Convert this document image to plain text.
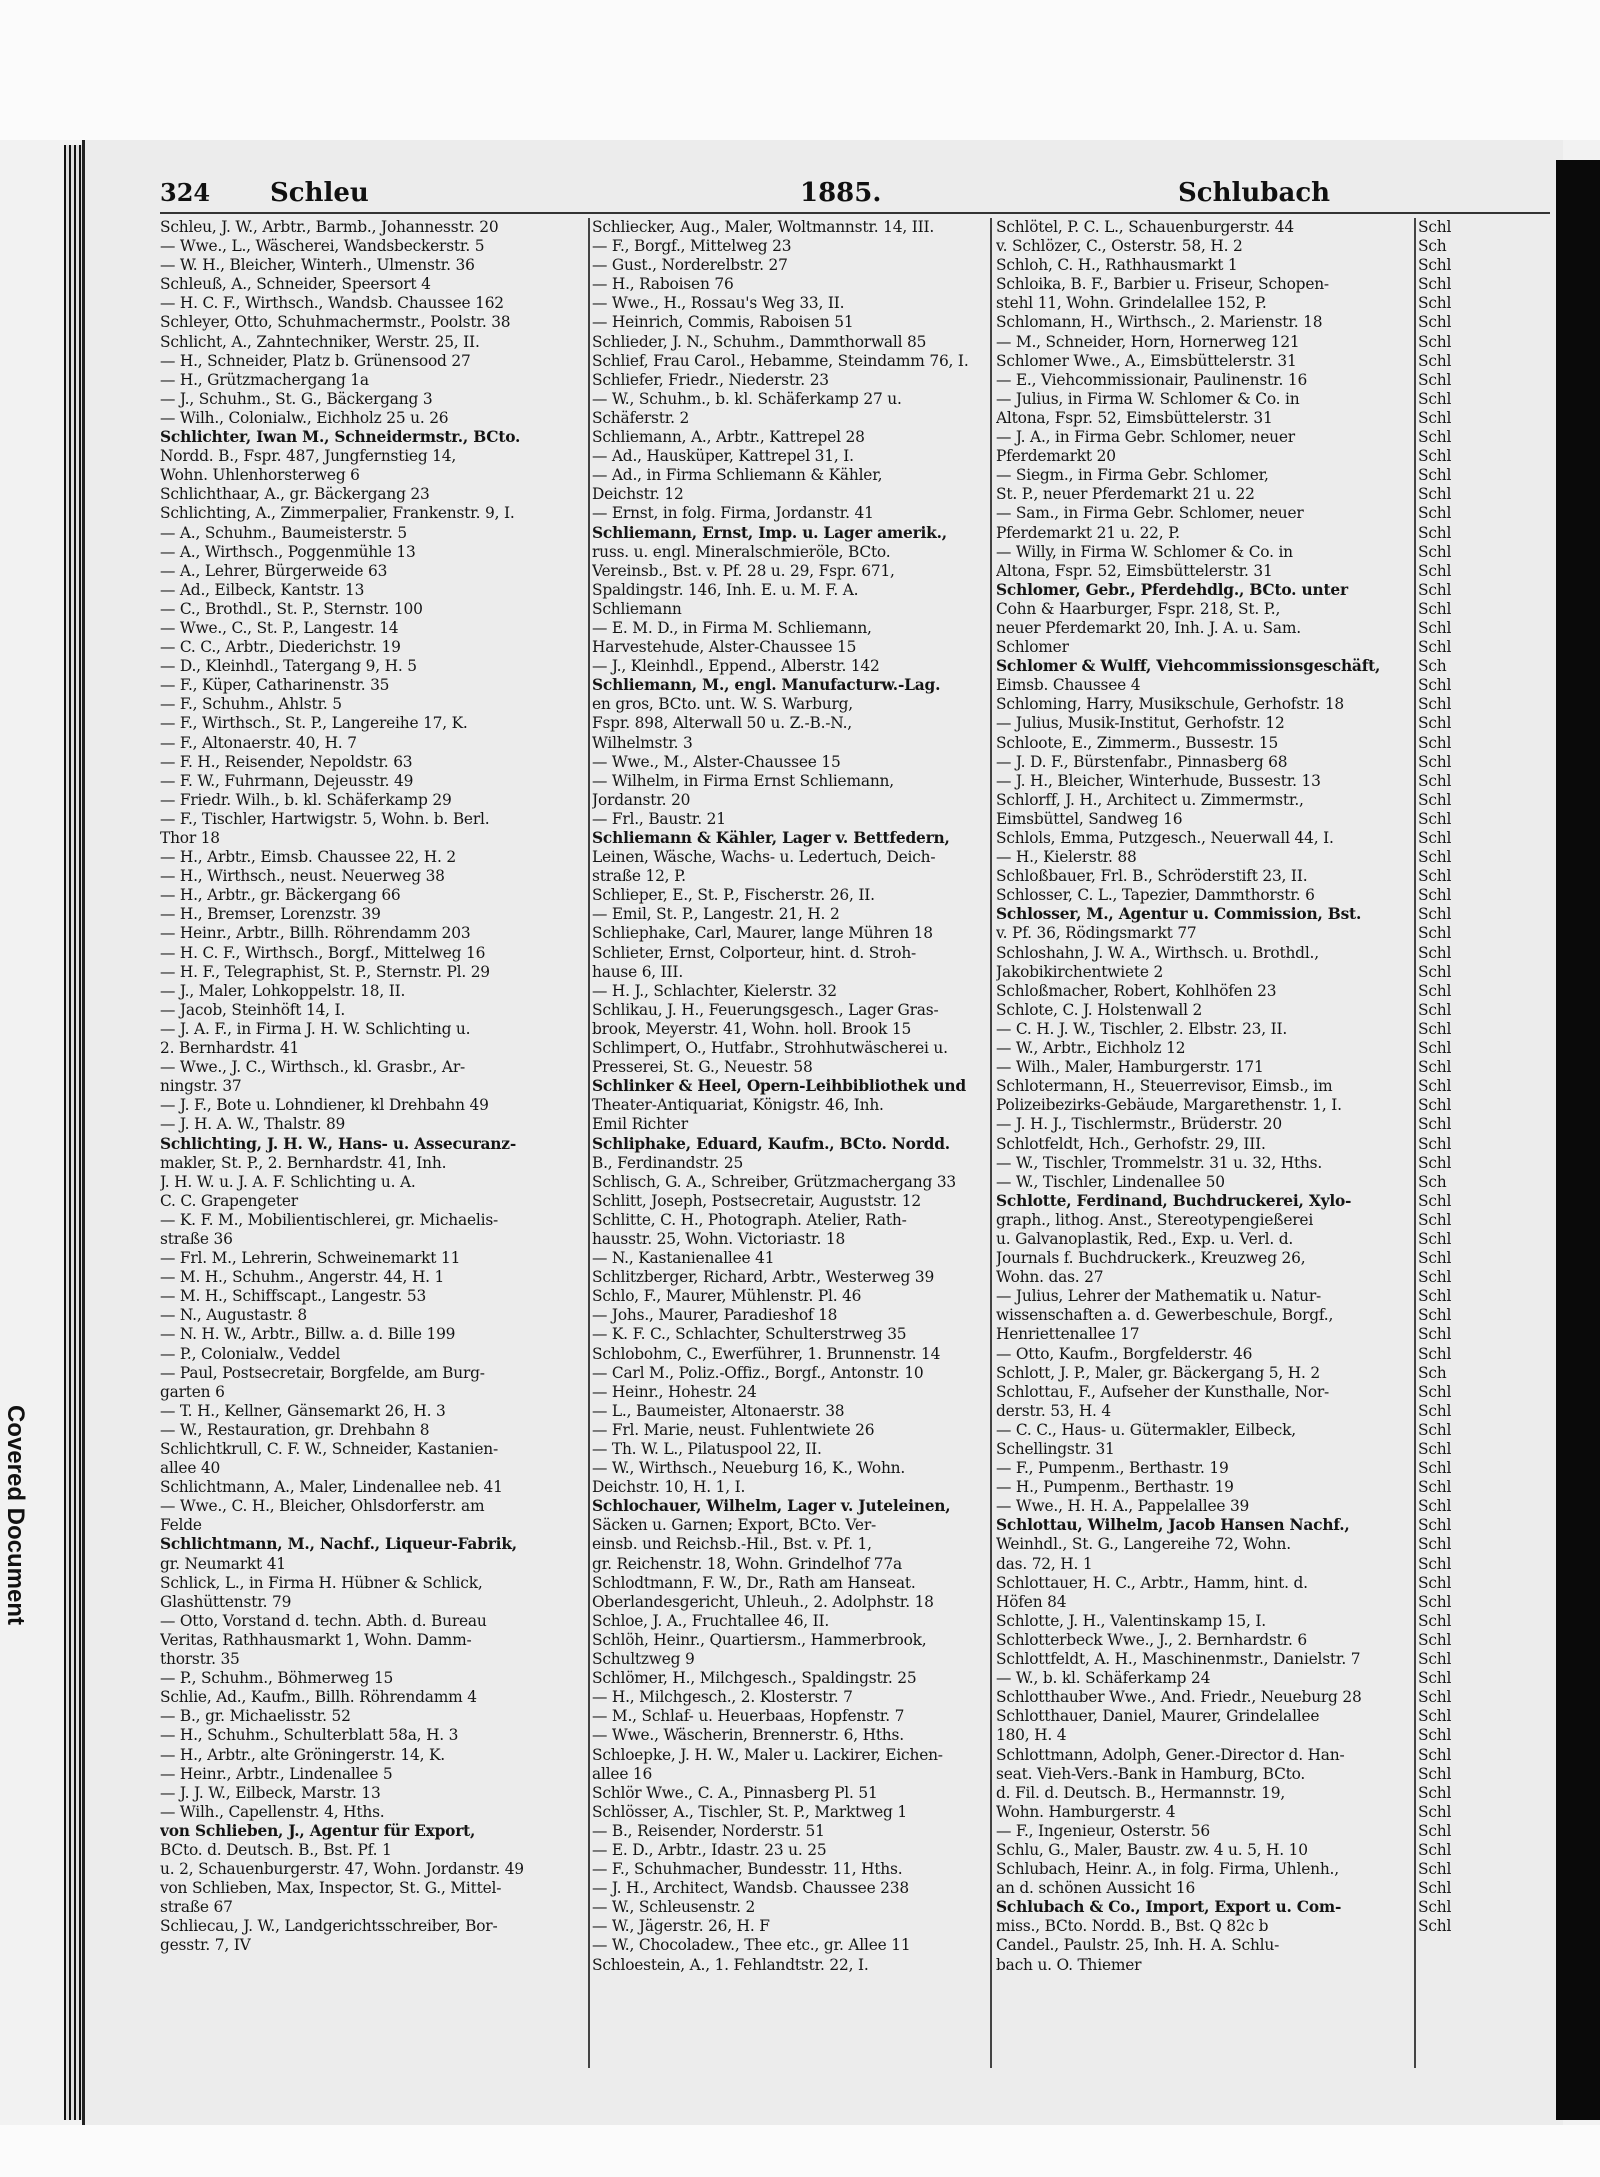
Covered Document
324 Schleu	1885.	Schlubach
Schleu, J. W., Arbtr., Barmb., Johannesstr. 20
— Wwe., L., Wäscherei, Wandsbeckerstr. 5
— W. H., Bleicher, Winterh., Ulmenstr. 36
Schleuß, A., Schneider, Speersort 4
— H. C. F., Wirthsch., Wandsb. Chaussee 162
Schleyer, Otto, Schuhmachermstr., Poolstr. 38
Schlicht, A., Zahntechniker, Werstr. 25, II.
— H., Schneider, Platz b. Grünensood 27
— H., Grützmachergang 1a
— J., Schuhm., St. G., Bäckergang 3
— Wilh., Colonialw., Eichholz 25 u. 26
Schlichter, Iwan M., Schneidermstr., BCto.
Nordd. B., Fspr. 487, Jungfernstieg 14,
Wohn. Uhlenhorsterweg 6
Schlichthaar, A., gr. Bäckergang 23
Schlichting, A., Zimmerpalier, Frankenstr. 9, I.
— A., Schuhm., Baumeisterstr. 5
— A., Wirthsch., Poggenmühle 13
— A., Lehrer, Bürgerweide 63
— Ad., Eilbeck, Kantstr. 13
— C., Brothdl., St. P., Sternstr. 100
— Wwe., C., St. P., Langestr. 14
— C. C., Arbtr., Diederichstr. 19
— D., Kleinhdl., Tatergang 9, H. 5
— F., Küper, Catharinenstr. 35
— F., Schuhm., Ahlstr. 5
— F., Wirthsch., St. P., Langereihe 17, K.
— F., Altonaerstr. 40, H. 7
— F. H., Reisender, Nepoldstr. 63
— F. W., Fuhrmann, Dejeusstr. 49
— Friedr. Wilh., b. kl. Schäferkamp 29
— F., Tischler, Hartwigstr. 5, Wohn. b. Berl.
Thor 18
— H., Arbtr., Eimsb. Chaussee 22, H. 2
— H., Wirthsch., neust. Neuerweg 38
— H., Arbtr., gr. Bäckergang 66
— H., Bremser, Lorenzstr. 39
— Heinr., Arbtr., Billh. Röhrendamm 203
— H. C. F., Wirthsch., Borgf., Mittelweg 16
— H. F., Telegraphist, St. P., Sternstr. Pl. 29
— J., Maler, Lohkoppelstr. 18, II.
— Jacob, Steinhöft 14, I.
— J. A. F., in Firma J. H. W. Schlichting u.
2. Bernhardstr. 41
— Wwe., J. C., Wirthsch., kl. Grasbr., Ar-
ningstr. 37
— J. F., Bote u. Lohndiener, kl Drehbahn 49
— J. H. A. W., Thalstr. 89
Schlichting, J. H. W., Hans- u. Assecuranz-
makler, St. P., 2. Bernhardstr. 41, Inh.
J. H. W. u. J. A. F. Schlichting u. A.
C. C. Grapengeter
— K. F. M., Mobilientischlerei, gr. Michaelis-
straße 36
— Frl. M., Lehrerin, Schweinemarkt 11
— M. H., Schuhm., Angerstr. 44, H. 1
— M. H., Schiffscapt., Langestr. 53
— N., Augustastr. 8
— N. H. W., Arbtr., Billw. a. d. Bille 199
— P., Colonialw., Veddel
— Paul, Postsecretair, Borgfelde, am Burg-
garten 6
— T. H., Kellner, Gänsemarkt 26, H. 3
— W., Restauration, gr. Drehbahn 8
Schlichtkrull, C. F. W., Schneider, Kastanien-
allee 40
Schlichtmann, A., Maler, Lindenallee neb. 41
— Wwe., C. H., Bleicher, Ohlsdorferstr. am
Felde
Schlichtmann, M., Nachf., Liqueur-Fabrik,
gr. Neumarkt 41
Schlick, L., in Firma H. Hübner & Schlick,
Glashüttenstr. 79
— Otto, Vorstand d. techn. Abth. d. Bureau
Veritas, Rathhausmarkt 1, Wohn. Damm-
thorstr. 35
— P., Schuhm., Böhmerweg 15
Schlie, Ad., Kaufm., Billh. Röhrendamm 4
— B., gr. Michaelisstr. 52
— H., Schuhm., Schulterblatt 58a, H. 3
— H., Arbtr., alte Gröningerstr. 14, K.
— Heinr., Arbtr., Lindenallee 5
— J. J. W., Eilbeck, Marstr. 13
— Wilh., Capellenstr. 4, Hths.
von Schlieben, J., Agentur für Export,
BCto. d. Deutsch. B., Bst. Pf. 1
u. 2, Schauenburgerstr. 47, Wohn. Jordanstr. 49
von Schlieben, Max, Inspector, St. G., Mittel-
straße 67
Schliecau, J. W., Landgerichtsschreiber, Bor-
gesstr. 7, IV
Schliecker, Aug., Maler, Woltmannstr. 14, III.
— F., Borgf., Mittelweg 23
— Gust., Norderelbstr. 27
— H., Raboisen 76
— Wwe., H., Rossau's Weg 33, II.
— Heinrich, Commis, Raboisen 51
Schlieder, J. N., Schuhm., Dammthorwall 85
Schlief, Frau Carol., Hebamme, Steindamm 76, I.
Schliefer, Friedr., Niederstr. 23
— W., Schuhm., b. kl. Schäferkamp 27 u.
Schäferstr. 2
Schliemann, A., Arbtr., Kattrepel 28
— Ad., Hausküper, Kattrepel 31, I.
— Ad., in Firma Schliemann & Kähler,
Deichstr. 12
— Ernst, in folg. Firma, Jordanstr. 41
Schliemann, Ernst, Imp. u. Lager amerik.,
russ. u. engl. Mineralschmieröle, BCto.
Vereinsb., Bst. v. Pf. 28 u. 29, Fspr. 671,
Spaldingstr. 146, Inh. E. u. M. F. A.
Schliemann
— E. M. D., in Firma M. Schliemann,
Harvestehude, Alster-Chaussee 15
— J., Kleinhdl., Eppend., Alberstr. 142
Schliemann, M., engl. Manufacturw.-Lag.
en gros, BCto. unt. W. S. Warburg,
Fspr. 898, Alterwall 50 u. Z.-B.-N.,
Wilhelmstr. 3
— Wwe., M., Alster-Chaussee 15
— Wilhelm, in Firma Ernst Schliemann,
Jordanstr. 20
— Frl., Baustr. 21
Schliemann & Kähler, Lager v. Bettfedern,
Leinen, Wäsche, Wachs- u. Ledertuch, Deich-
straße 12, P.
Schlieper, E., St. P., Fischerstr. 26, II.
— Emil, St. P., Langestr. 21, H. 2
Schliephake, Carl, Maurer, lange Mühren 18
Schlieter, Ernst, Colporteur, hint. d. Stroh-
hause 6, III.
— H. J., Schlachter, Kielerstr. 32
Schlikau, J. H., Feuerungsgesch., Lager Gras-
brook, Meyerstr. 41, Wohn. holl. Brook 15
Schlimpert, O., Hutfabr., Strohhutwäscherei u.
Presserei, St. G., Neuestr. 58
Schlinker & Heel, Opern-Leihbibliothek und
Theater-Antiquariat, Königstr. 46, Inh.
Emil Richter
Schliphake, Eduard, Kaufm., BCto. Nordd.
B., Ferdinandstr. 25
Schlisch, G. A., Schreiber, Grützmachergang 33
Schlitt, Joseph, Postsecretair, Auguststr. 12
Schlitte, C. H., Photograph. Atelier, Rath-
hausstr. 25, Wohn. Victoriastr. 18
— N., Kastanienallee 41
Schlitzberger, Richard, Arbtr., Westerweg 39
Schlo, F., Maurer, Mühlenstr. Pl. 46
— Johs., Maurer, Paradieshof 18
— K. F. C., Schlachter, Schulterstrweg 35
Schlobohm, C., Ewerführer, 1. Brunnenstr. 14
— Carl M., Poliz.-Offiz., Borgf., Antonstr. 10
— Heinr., Hohestr. 24
— L., Baumeister, Altonaerstr. 38
— Frl. Marie, neust. Fuhlentwiete 26
— Th. W. L., Pilatuspool 22, II.
— W., Wirthsch., Neueburg 16, K., Wohn.
Deichstr. 10, H. 1, I.
Schlochauer, Wilhelm, Lager v. Juteleinen,
Säcken u. Garnen; Export, BCto. Ver-
einsb. und Reichsb.-Hil., Bst. v. Pf. 1,
gr. Reichenstr. 18, Wohn. Grindelhof 77a
Schlodtmann, F. W., Dr., Rath am Hanseat.
Oberlandesgericht, Uhleuh., 2. Adolphstr. 18
Schloe, J. A., Fruchtallee 46, II.
Schlöh, Heinr., Quartiersm., Hammerbrook,
Schultzweg 9
Schlömer, H., Milchgesch., Spaldingstr. 25
— H., Milchgesch., 2. Klosterstr. 7
— M., Schlaf- u. Heuerbaas, Hopfenstr. 7
— Wwe., Wäscherin, Brennerstr. 6, Hths.
Schloepke, J. H. W., Maler u. Lackirer, Eichen-
allee 16
Schlör Wwe., C. A., Pinnasberg Pl. 51
Schlösser, A., Tischler, St. P., Marktweg 1
— B., Reisender, Norderstr. 51
— E. D., Arbtr., Idastr. 23 u. 25
— F., Schuhmacher, Bundesstr. 11, Hths.
— J. H., Architect, Wandsb. Chaussee 238
— W., Schleusenstr. 2
— W., Jägerstr. 26, H. F
— W., Chocoladew., Thee etc., gr. Allee 11
Schloestein, A., 1. Fehlandtstr. 22, I.
Schlötel, P. C. L., Schauenburgerstr. 44
v. Schlözer, C., Osterstr. 58, H. 2
Schloh, C. H., Rathhausmarkt 1
Schloika, B. F., Barbier u. Friseur, Schopen-
stehl 11, Wohn. Grindelallee 152, P.
Schlomann, H., Wirthsch., 2. Marienstr. 18
— M., Schneider, Horn, Hornerweg 121
Schlomer Wwe., A., Eimsbüttelerstr. 31
— E., Viehcommissionair, Paulinenstr. 16
— Julius, in Firma W. Schlomer & Co. in
Altona, Fspr. 52, Eimsbüttelerstr. 31
— J. A., in Firma Gebr. Schlomer, neuer
Pferdemarkt 20
— Siegm., in Firma Gebr. Schlomer,
St. P., neuer Pferdemarkt 21 u. 22
— Sam., in Firma Gebr. Schlomer, neuer
Pferdemarkt 21 u. 22, P.
— Willy, in Firma W. Schlomer & Co. in
Altona, Fspr. 52, Eimsbüttelerstr. 31
Schlomer, Gebr., Pferdehdlg., BCto. unter
Cohn & Haarburger, Fspr. 218, St. P.,
neuer Pferdemarkt 20, Inh. J. A. u. Sam.
Schlomer
Schlomer & Wulff, Viehcommissionsgeschäft,
Eimsb. Chaussee 4
Schloming, Harry, Musikschule, Gerhofstr. 18
— Julius, Musik-Institut, Gerhofstr. 12
Schloote, E., Zimmerm., Bussestr. 15
— J. D. F., Bürstenfabr., Pinnasberg 68
— J. H., Bleicher, Winterhude, Bussestr. 13
Schlorff, J. H., Architect u. Zimmermstr.,
Eimsbüttel, Sandweg 16
Schlols, Emma, Putzgesch., Neuerwall 44, I.
— H., Kielerstr. 88
Schloßbauer, Frl. B., Schröderstift 23, II.
Schlosser, C. L., Tapezier, Dammthorstr. 6
Schlosser, M., Agentur u. Commission, Bst.
v. Pf. 36, Rödingsmarkt 77
Schloshahn, J. W. A., Wirthsch. u. Brothdl.,
Jakobikirchentwiete 2
Schloßmacher, Robert, Kohlhöfen 23
Schlote, C. J. Holstenwall 2
— C. H. J. W., Tischler, 2. Elbstr. 23, II.
— W., Arbtr., Eichholz 12
— Wilh., Maler, Hamburgerstr. 171
Schlotermann, H., Steuerrevisor, Eimsb., im
Polizeibezirks-Gebäude, Margarethenstr. 1, I.
— J. H. J., Tischlermstr., Brüderstr. 20
Schlotfeldt, Hch., Gerhofstr. 29, III.
— W., Tischler, Trommelstr. 31 u. 32, Hths.
— W., Tischler, Lindenallee 50
Schlotte, Ferdinand, Buchdruckerei, Xylo-
graph., lithog. Anst., Stereotypengießerei
u. Galvanoplastik, Red., Exp. u. Verl. d.
Journals f. Buchdruckerk., Kreuzweg 26,
Wohn. das. 27
— Julius, Lehrer der Mathematik u. Natur-
wissenschaften a. d. Gewerbeschule, Borgf.,
Henriettenallee 17
— Otto, Kaufm., Borgfelderstr. 46
Schlott, J. P., Maler, gr. Bäckergang 5, H. 2
Schlottau, F., Aufseher der Kunsthalle, Nor-
derstr. 53, H. 4
— C. C., Haus- u. Gütermakler, Eilbeck,
Schellingstr. 31
— F., Pumpenm., Berthastr. 19
— H., Pumpenm., Berthastr. 19
— Wwe., H. H. A., Pappelallee 39
Schlottau, Wilhelm, Jacob Hansen Nachf.,
Weinhdl., St. G., Langereihe 72, Wohn.
das. 72, H. 1
Schlottauer, H. C., Arbtr., Hamm, hint. d.
Höfen 84
Schlotte, J. H., Valentinskamp 15, I.
Schlotterbeck Wwe., J., 2. Bernhardstr. 6
Schlottfeldt, A. H., Maschinenmstr., Danielstr. 7
— W., b. kl. Schäferkamp 24
Schlotthauber Wwe., And. Friedr., Neueburg 28
Schlotthauer, Daniel, Maurer, Grindelallee
180, H. 4
Schlottmann, Adolph, Gener.-Director d. Han-
seat. Vieh-Vers.-Bank in Hamburg, BCto.
d. Fil. d. Deutsch. B., Hermannstr. 19,
Wohn. Hamburgerstr. 4
— F., Ingenieur, Osterstr. 56
Schlu, G., Maler, Baustr. zw. 4 u. 5, H. 10
Schlubach, Heinr. A., in folg. Firma, Uhlenh.,
an d. schönen Aussicht 16
Schlubach & Co., Import, Export u. Com-
miss., BCto. Nordd. B., Bst. Q 82c b
Candel., Paulstr. 25, Inh. H. A. Schlu-
bach u. O. Thiemer
Schl
Sch
Schl
Schl
Schl
Schl
Schl
Schl
Schl
Schl
Schl
Schl
Schl
Schl
Schl
Schl
Schl
Schl
Schl
Schl
Schl
Schl
Schl
Sch
Schl
Schl
Schl
Schl
Schl
Schl
Schl
Schl
Schl
Schl
Schl
Schl
Schl
Schl
Schl
Schl
Schl
Schl
Schl
Schl
Schl
Schl
Schl
Schl
Schl
Schl
Sch
Schl
Schl
Schl
Schl
Schl
Schl
Schl
Schl
Schl
Sch
Schl
Schl
Schl
Schl
Schl
Schl
Schl
Schl
Schl
Schl
Schl
Schl
Schl
Schl
Schl
Schl
Schl
Schl
Schl
Schl
Schl
Schl
Schl
Schl
Schl
Schl
Schl
Schl
Schl
